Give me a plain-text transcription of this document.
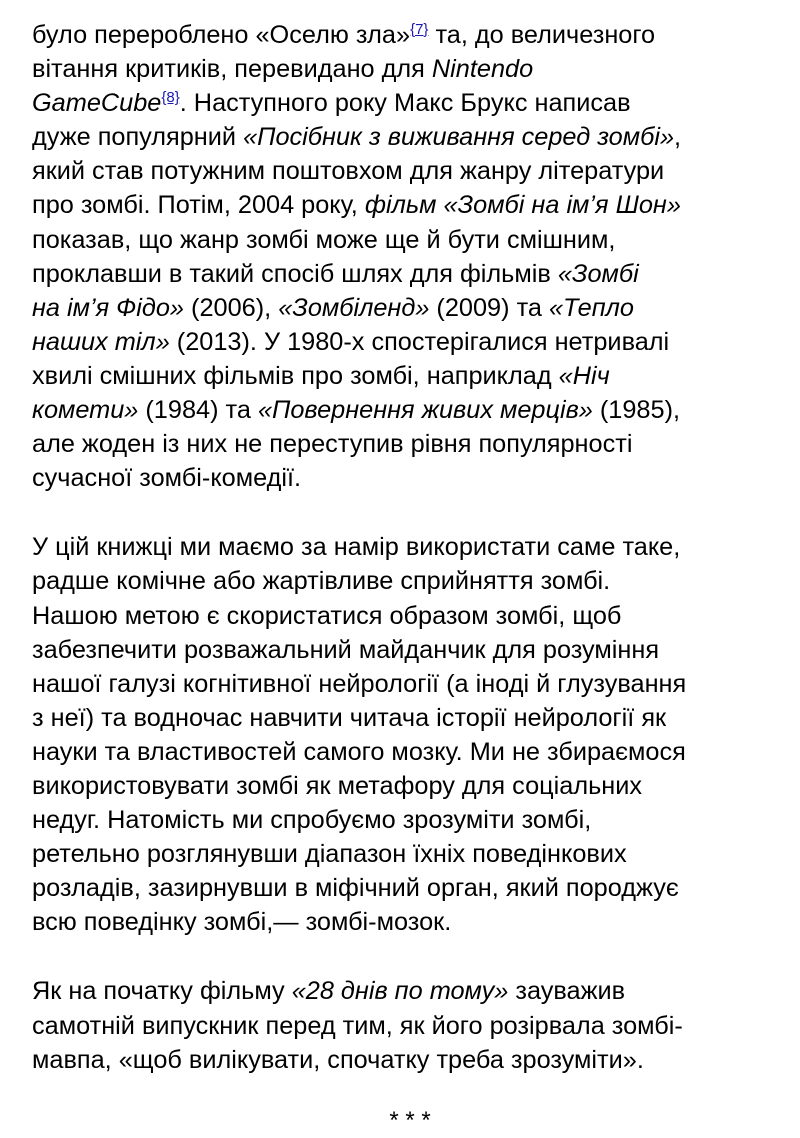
було перероблено «Оселю зла»$^{\{7\}}$ та, до величезного
вітання критиків, перевидано для Nintendo
GameCube$^{\{8\}}$. Наступного року Макс Брукс написав
дуже популярний «Посібник з виживання серед зомбі»,
який став потужним поштовхом для жанру літератури
про зомбі. Потім, 2004 року, фільм «Зомбі на ім’я Шон»
показав, що жанр зомбі може ще й бути смішним,
проклавши в такий спосіб шлях для фільмів «Зомбі
на ім’я Фідо» (2006), «Зомбіленд» (2009) та «Тепло
наших тіл» (2013). У 1980-х спостерігалися нетривалі
хвилі смішних фільмів про зомбі, наприклад «Ніч
комети» (1984) та «Повернення живих мерців» (1985),
але жоден із них не переступив рівня популярності
сучасної зомбі-комедії.
У цій книжці ми маємо за намір використати саме таке,
радше комічне або жартівливе сприйняття зомбі.
Нашою метою є скористатися образом зомбі, щоб
забезпечити розважальний майданчик для розуміння
нашої галузі когнітивної нейрології (а іноді й глузування
з неї) та водночас навчити читача історії нейрології як
науки та властивостей самого мозку. Ми не збираємося
використовувати зомбі як метафору для соціальних
недуг. Натомість ми спробуємо зрозуміти зомбі,
ретельно розглянувши діапазон їхніх поведінкових
розладів, зазирнувши в міфічний орган, який породжує
всю поведінку зомбі,— зомбі-мозок.
Як на початку фільму «28 днів по тому» зауважив
самотній випускник перед тим, як його розірвала зомбі-
мавпа, «щоб вилікувати, спочатку треба зрозуміти».
* * *
